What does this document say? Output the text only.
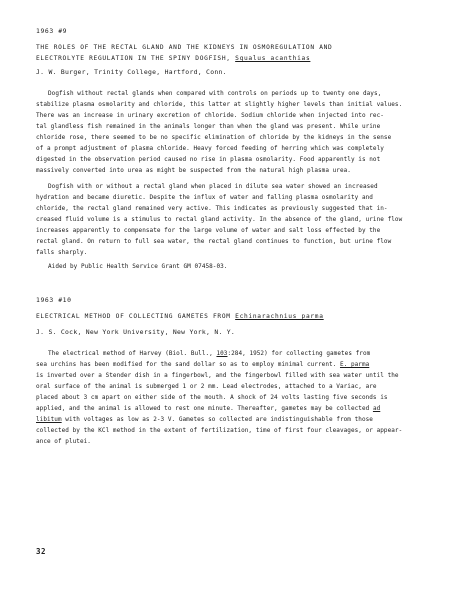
1963 #9
THE ROLES OF THE RECTAL GLAND AND THE KIDNEYS IN OSMOREGULATION AND
ELECTROLYTE REGULATION IN THE SPINY DOGFISH, Squalus acanthias
J. W. Burger, Trinity College, Hartford, Conn.
Dogfish without rectal glands when compared with controls on periods up to twenty one days,
stabilize plasma osmolarity and chloride, this latter at slightly higher levels than initial values.
There was an increase in urinary excretion of chloride. Sodium chloride when injected into rec-
tal glandless fish remained in the animals longer than when the gland was present. While urine
chloride rose, there seemed to be no specific elimination of chloride by the kidneys in the sense
of a prompt adjustment of plasma chloride. Heavy forced feeding of herring which was completely
digested in the observation period caused no rise in plasma osmolarity. Food apparently is not
massively converted into urea as might be suspected from the natural high plasma urea.
Dogfish with or without a rectal gland when placed in dilute sea water showed an increased
hydration and became diuretic. Despite the influx of water and falling plasma osmolarity and
chloride, the rectal gland remained very active. This indicates as previously suggested that in-
creased fluid volume is a stimulus to rectal gland activity. In the absence of the gland, urine flow
increases apparently to compensate for the large volume of water and salt loss effected by the
rectal gland. On return to full sea water, the rectal gland continues to function, but urine flow
falls sharply.
Aided by Public Health Service Grant GM 07458-03.
1963 #10
ELECTRICAL METHOD OF COLLECTING GAMETES FROM Echinarachnius parma
J. S. Cock, New York University, New York, N. Y.
The electrical method of Harvey (Biol. Bull., 103:284, 1952) for collecting gametes from
sea urchins has been modified for the sand dollar so as to employ minimal current. E. parma
is inverted over a Stender dish in a fingerbowl, and the fingerbowl filled with sea water until the
oral surface of the animal is submerged 1 or 2 mm. Lead electrodes, attached to a Variac, are
placed about 3 cm apart on either side of the mouth. A shock of 24 volts lasting five seconds is
applied, and the animal is allowed to rest one minute. Thereafter, gametes may be collected ad
libitum with voltages as low as 2-3 V. Gametes so collected are indistinguishable from those
collected by the KCl method in the extent of fertilization, time of first four cleavages, or appear-
ance of plutei.
32
